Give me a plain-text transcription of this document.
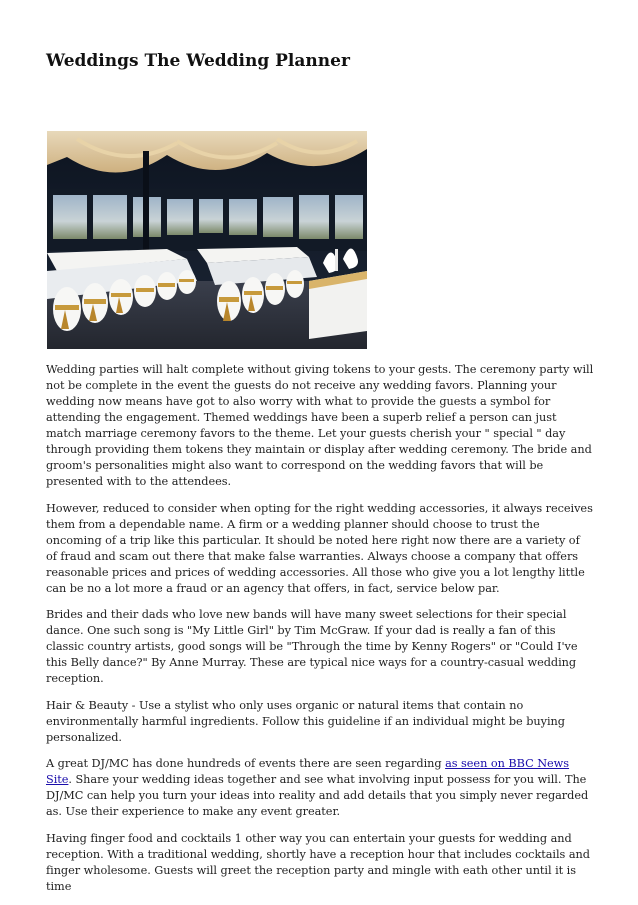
Weddings The Wedding Planner

Wedding parties will halt complete without giving tokens to your gests. The ceremony party will not be complete in the event the guests do not receive any wedding favors. Planning your wedding now means have got to also worry with what to provide the guests a symbol for attending the engagement. Themed weddings have been a superb relief a person can just match marriage ceremony favors to the theme. Let your guests cherish your " special " day through providing them tokens they maintain or display after wedding ceremony. The bride and groom's personalities might also want to correspond on the wedding favors that will be presented with to the attendees.

However, reduced to consider when opting for the right wedding accessories, it always receives them from a dependable name. A firm or a wedding planner should choose to trust the oncoming of a trip like this particular. It should be noted here right now there are a variety of of fraud and scam out there that make false warranties. Always choose a company that offers reasonable prices and prices of wedding accessories. All those who give you a lot lengthy little can be no a lot more a fraud or an agency that offers, in fact, service below par.

Brides and their dads who love new bands will have many sweet selections for their special dance. One such song is "My Little Girl" by Tim McGraw. If your dad is really a fan of this classic country artists, good songs will be "Through the time by Kenny Rogers" or "Could I've this Belly dance?" By Anne Murray. These are typical nice ways for a country-casual wedding reception.

Hair & Beauty - Use a stylist who only uses organic or natural items that contain no environmentally harmful ingredients. Follow this guideline if an individual might be buying personalized.

A great DJ/MC has done hundreds of events there are seen regarding as seen on BBC News Site. Share your wedding ideas together and see what involving input possess for you will. The DJ/MC can help you turn your ideas into reality and add details that you simply never regarded as. Use their experience to make any event greater.

Having finger food and cocktails 1 other way you can entertain your guests for wedding and reception. With a traditional wedding, shortly have a reception hour that includes cocktails and finger wholesome. Guests will greet the reception party and mingle with eath other until it is time
